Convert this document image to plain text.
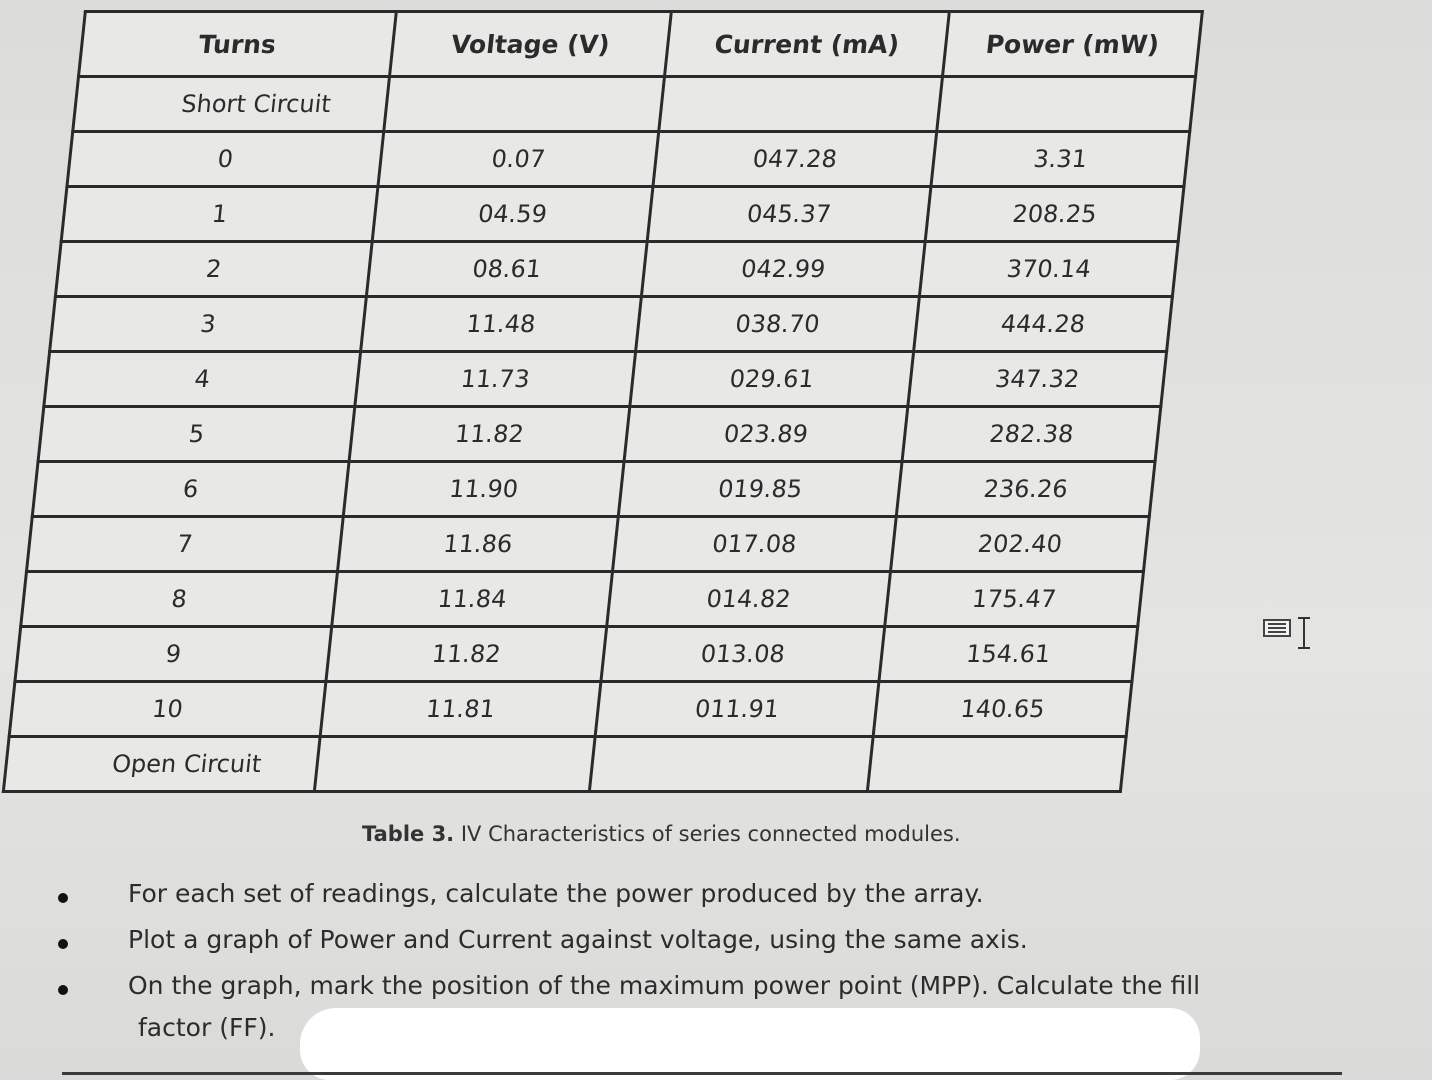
Turns	Voltage (V)	Current (mA)	Power (mW)
Short Circuit			
0	0.07	047.28	3.31
1	04.59	045.37	208.25
2	08.61	042.99	370.14
3	11.48	038.70	444.28
4	11.73	029.61	347.32
5	11.82	023.89	282.38
6	11.90	019.85	236.26
7	11.86	017.08	202.40
8	11.84	014.82	175.47
9	11.82	013.08	154.61
10	11.81	011.91	140.65
Open Circuit			
Table 3. IV Characteristics of series connected modules.
For each set of readings, calculate the power produced by the array.
Plot a graph of Power and Current against voltage, using the same axis.
On the graph, mark the position of the maximum power point (MPP). Calculate the fill
factor (FF).
